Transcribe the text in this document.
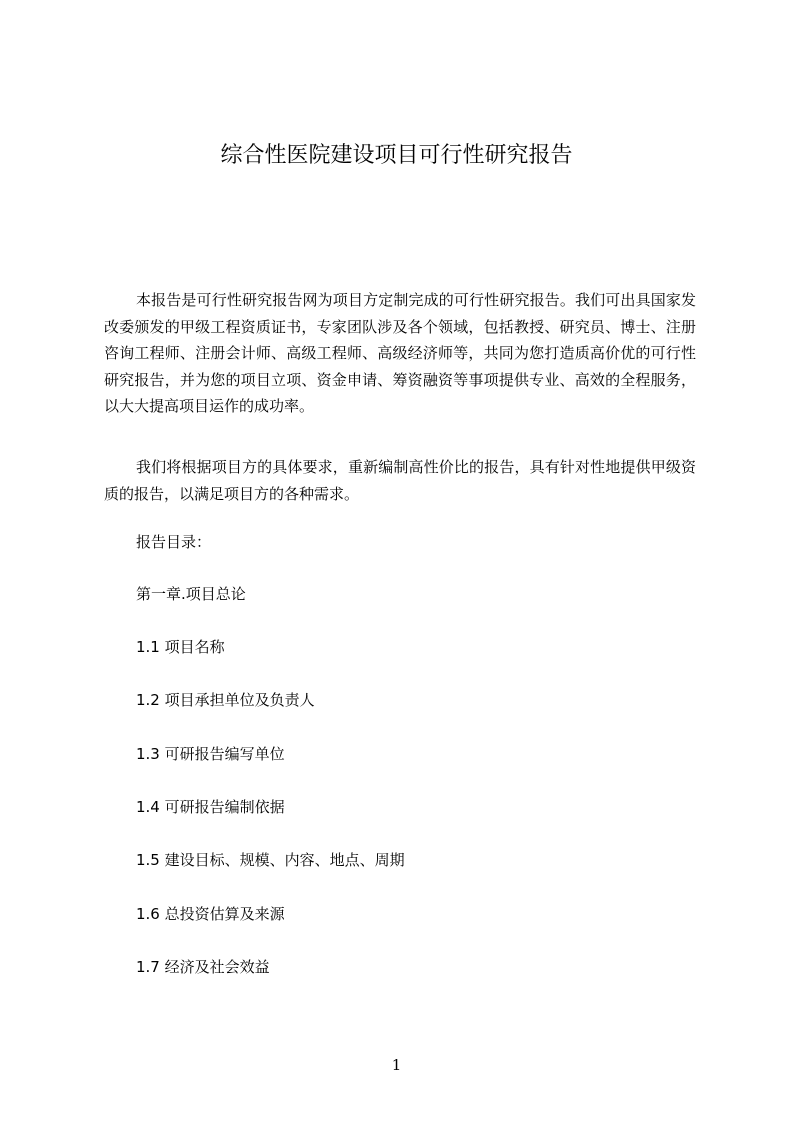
综合性医院建设项目可行性研究报告

本报告是可行性研究报告网为项目方定制完成的可行性研究报告。我们可出具国家发改委颁发的甲级工程资质证书，专家团队涉及各个领域，包括教授、研究员、博士、注册咨询工程师、注册会计师、高级工程师、高级经济师等，共同为您打造质高价优的可行性研究报告，并为您的项目立项、资金申请、筹资融资等事项提供专业、高效的全程服务，以大大提高项目运作的成功率。

我们将根据项目方的具体要求，重新编制高性价比的报告，具有针对性地提供甲级资质的报告，以满足项目方的各种需求。

报告目录：
第一章.项目总论
1.1 项目名称
1.2 项目承担单位及负责人
1.3 可研报告编写单位
1.4 可研报告编制依据
1.5 建设目标、规模、内容、地点、周期
1.6 总投资估算及来源
1.7 经济及社会效益
1
